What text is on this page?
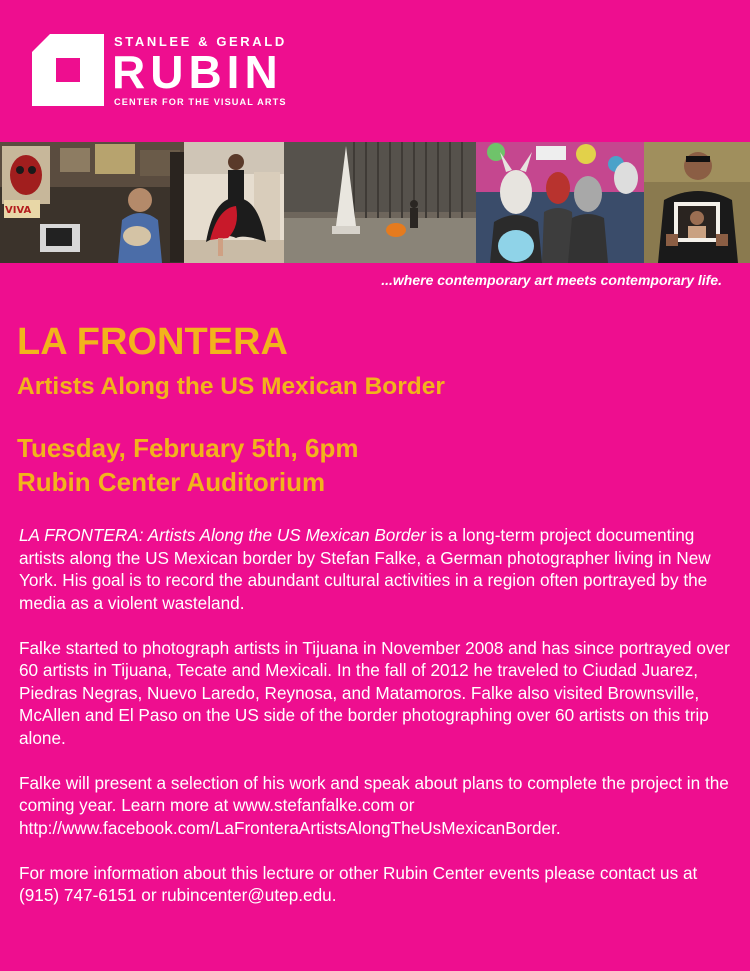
STANLEE & GERALD
RUBIN
CENTER FOR THE VISUAL ARTS
VIVA
...where contemporary art meets contemporary life.
LA FRONTERA
Artists Along the US Mexican Border
Tuesday, February 5th, 6pm
Rubin Center Auditorium

LA FRONTERA: Artists Along the US Mexican Border is a long-term project documenting artists along the US Mexican border by Stefan Falke, a German photographer living in New York. His goal is to record the abundant cultural activities in a region often portrayed by the media as a violent wasteland.

Falke started to photograph artists in Tijuana in November 2008 and has since portrayed over 60 artists in Tijuana, Tecate and Mexicali. In the fall of 2012 he traveled to Ciudad Juarez, Piedras Negras, Nuevo Laredo, Reynosa, and Matamoros. Falke also visited Brownsville, McAllen and El Paso on the US side of the border photographing over 60 artists on this trip alone.

Falke will present a selection of his work and speak about plans to complete the project in the coming year. Learn more at www.stefanfalke.com or http://www.facebook.com/LaFronteraArtistsAlongTheUsMexicanBorder.

For more information about this lecture or other Rubin Center events please contact us at (915) 747-6151 or rubincenter@utep.edu.
